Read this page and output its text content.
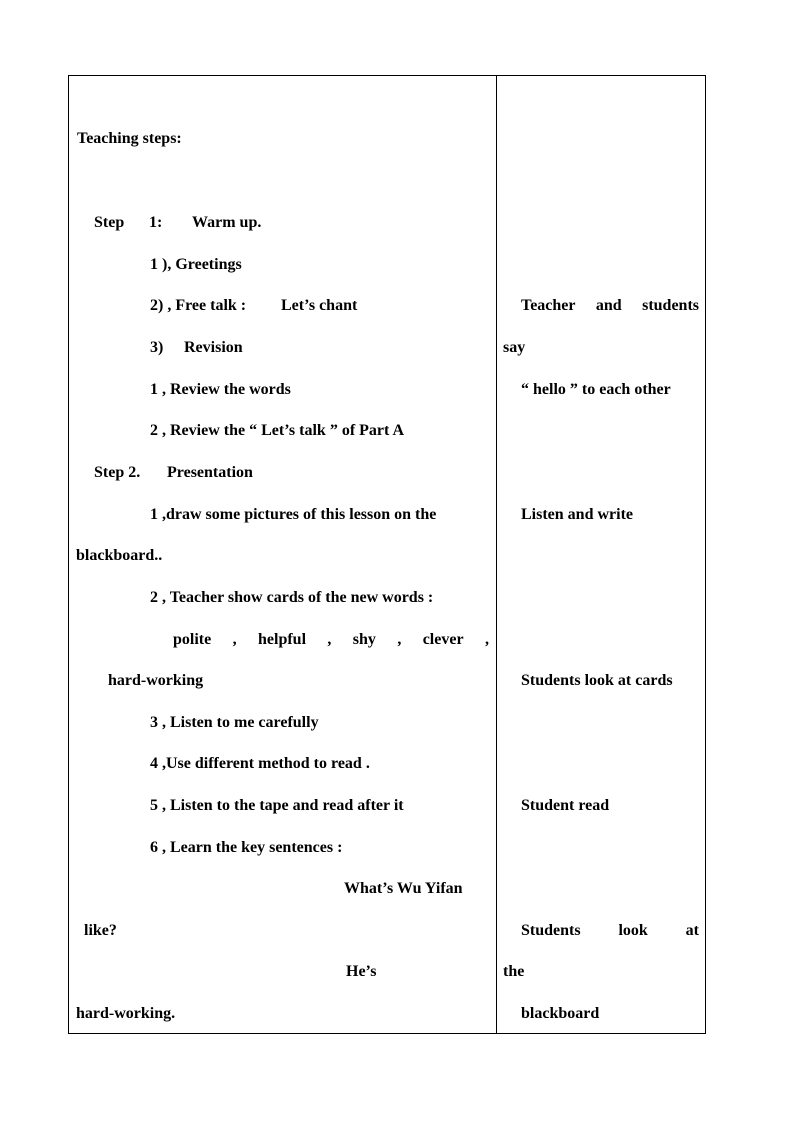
Teaching steps:
Step 1: Warm up.
1 ), Greetings
2) , Free talk : Let’s chant
3) Revision
1 , Review the words
2 , Review the “ Let’s talk ” of Part A
Step 2. Presentation
1 ,draw some pictures of this lesson on the
blackboard..
2 , Teacher show cards of the new words :
polite , helpful , shy , clever ,
hard-working
3 , Listen to me carefully
4 ,Use different method to read .
5 , Listen to the tape and read after it
6 , Learn the key sentences :
What’s Wu Yifan
like?
He’s
hard-working.
Teacher and students
say
“ hello ” to each other
Listen and write
Students look at cards
Student read
Students look at
the
blackboard
